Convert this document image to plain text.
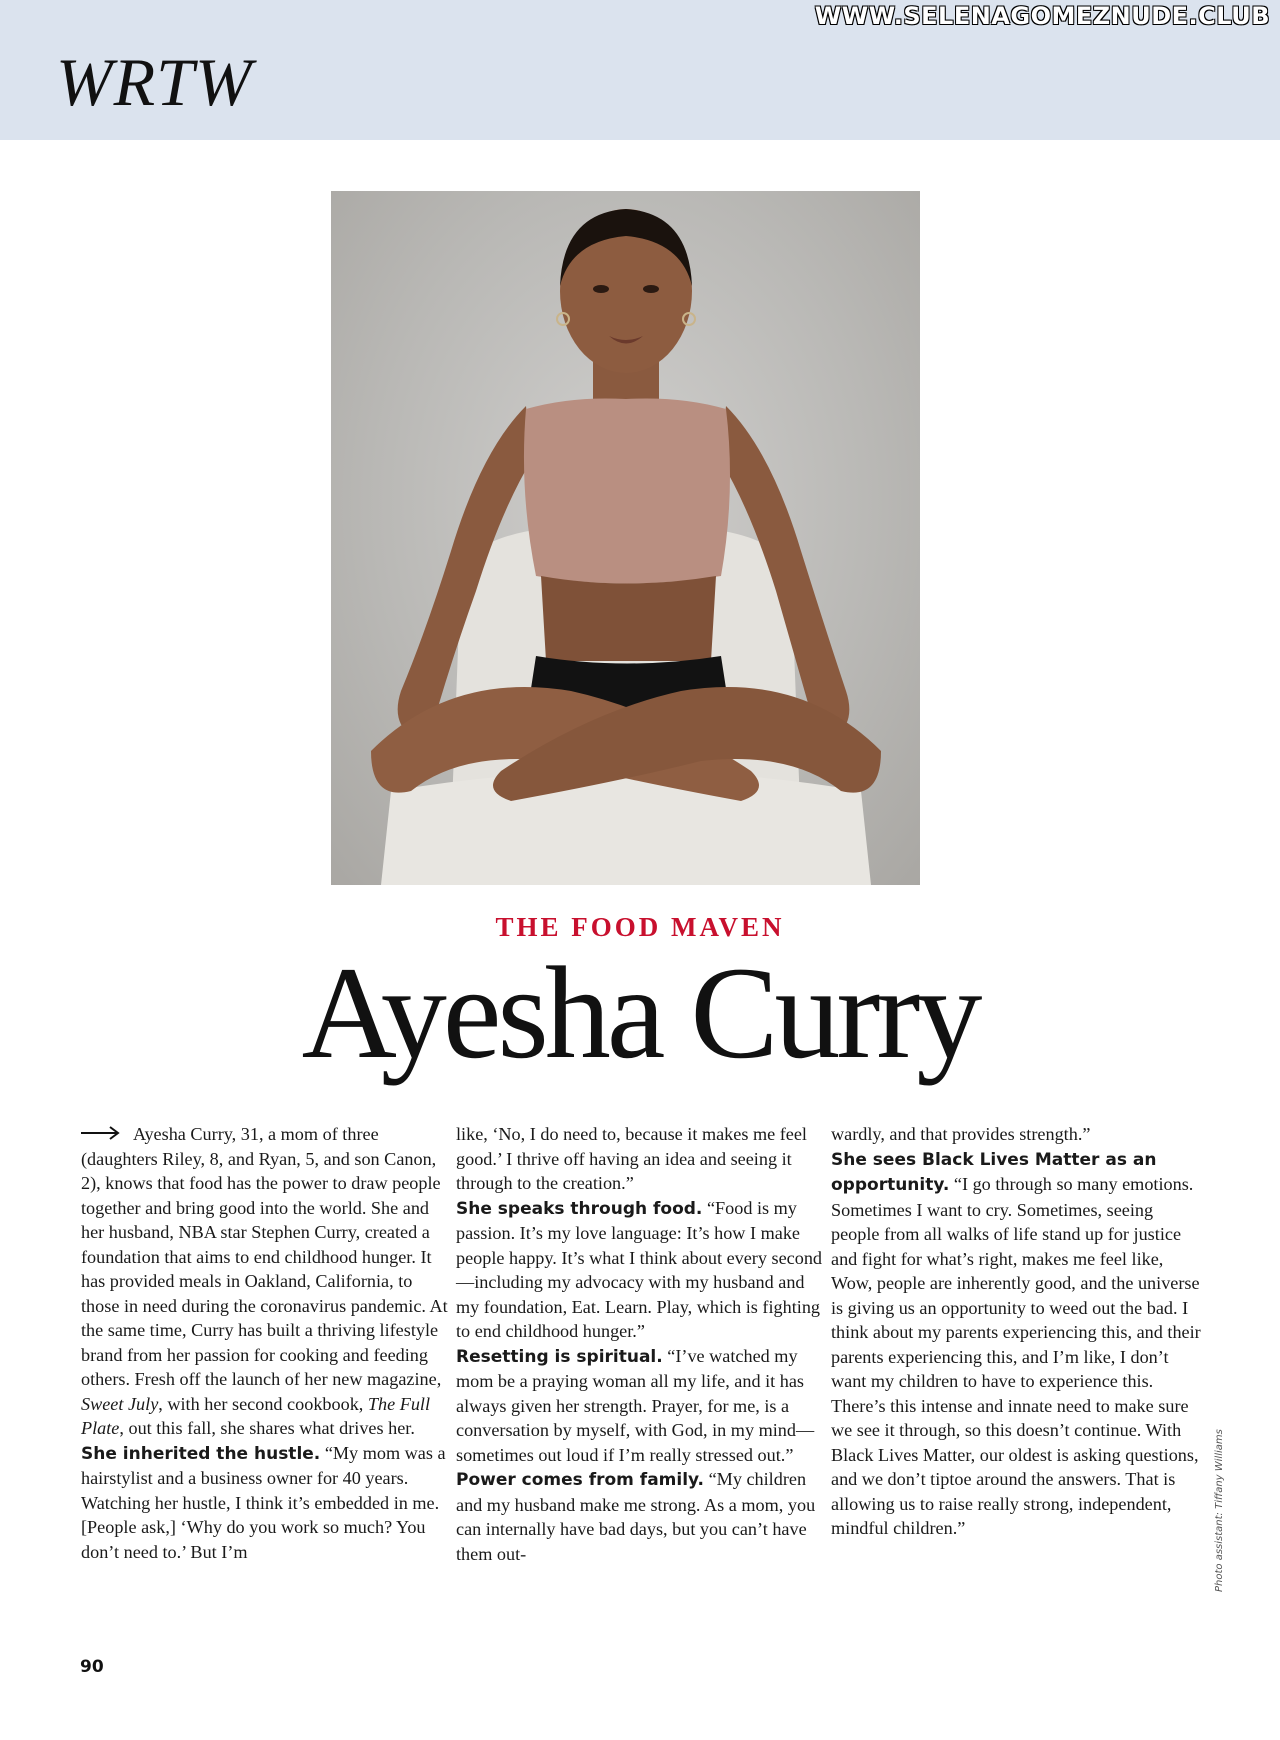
WRTW
WWW.SELENAGOMEZNUDE.CLUB
THE FOOD MAVEN
Ayesha Curry

Ayesha Curry, 31, a mom of three (daughters Riley, 8, and Ryan, 5, and son Canon, 2), knows that food has the power to draw people together and bring good into the world. She and her husband, NBA star Stephen Curry, created a foundation that aims to end childhood hunger. It has provided meals in Oakland, California, to those in need during the coronavirus pandemic. At the same time, Curry has built a thriving lifestyle brand from her passion for cooking and feeding others. Fresh off the launch of her new magazine, Sweet July, with her second cookbook, The Full Plate, out this fall, she shares what drives her.

She inherited the hustle. “My mom was a hairstylist and a business owner for 40 years. Watching her hustle, I think it’s embedded in me. [People ask,] ‘Why do you work so much? You don’t need to.’ But I’m

like, ‘No, I do need to, because it makes me feel good.’ I thrive off having an idea and seeing it through to the creation.”

She speaks through food. “Food is my passion. It’s my love language: It’s how I make people happy. It’s what I think about every second—including my advocacy with my husband and my foundation, Eat. Learn. Play, which is fighting to end childhood hunger.”

Resetting is spiritual. “I’ve watched my mom be a praying woman all my life, and it has always given her strength. Prayer, for me, is a conversation by myself, with God, in my mind—sometimes out loud if I’m really stressed out.”

Power comes from family. “My children and my husband make me strong. As a mom, you can internally have bad days, but you can’t have them out-

wardly, and that provides strength.”

She sees Black Lives Matter as an opportunity. “I go through so many emotions. Sometimes I want to cry. Sometimes, seeing people from all walks of life stand up for justice and fight for what’s right, makes me feel like, Wow, people are inherently good, and the universe is giving us an opportunity to weed out the bad. I think about my parents experiencing this, and their parents experiencing this, and I’m like, I don’t want my children to have to experience this. There’s this intense and innate need to make sure we see it through, so this doesn’t continue. With Black Lives Matter, our oldest is asking questions, and we don’t tiptoe around the answers. That is allowing us to raise really strong, independent, mindful children.”	Photo assistant: Tiffany Williams
90
